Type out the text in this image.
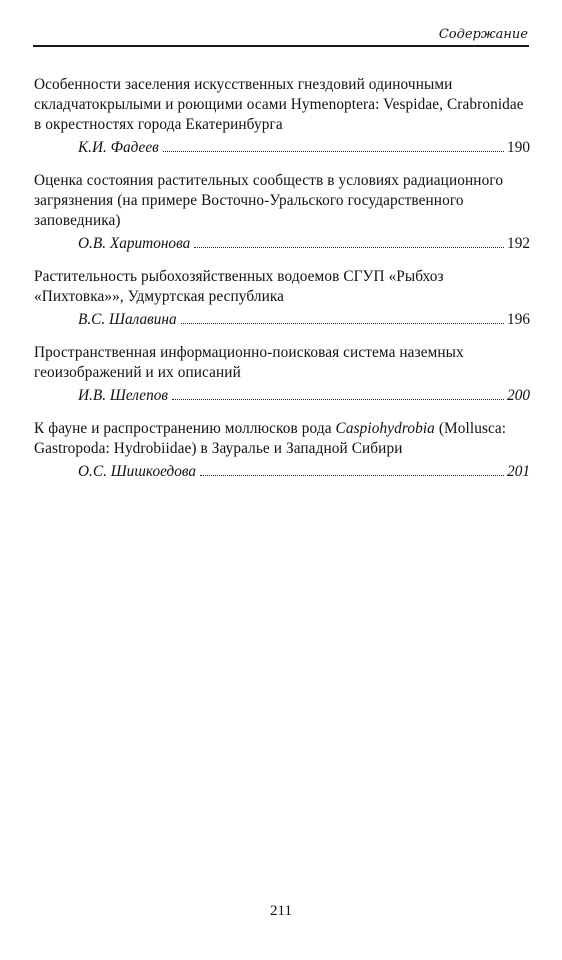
Содержание
Особенности заселения искусственных гнездовий одиночными складчатокрылыми и роющими осами Hymenoptera: Vespidae, Crabronidae в окрестностях города Екатеринбурга
К.И. Фадеев	190
Оценка состояния растительных сообществ в условиях радиационного загрязнения (на примере Восточно-Уральского государственного заповедника)
О.В. Харитонова	192
Растительность рыбохозяйственных водоемов СГУП «Рыбхоз «Пихтовка»», Удмуртская республика
В.С. Шалавина	196
Пространственная информационно-поисковая система наземных геоизображений и их описаний
И.В. Шелепов	200
К фауне и распространению моллюсков рода Caspiohydrobia (Mollusca: Gastropoda: Hydrobiidae) в Зауралье и Западной Сибири
О.С. Шишкоедова	201
211
